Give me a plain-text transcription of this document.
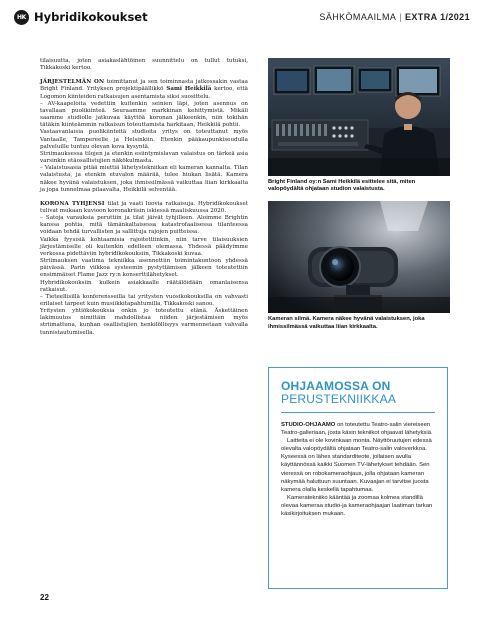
HK Hybridikokoukset	SÄHKÖMAAILMA | EXTRA 1/2021

tilaisuutta, joten asiakaslähtöinen suunnittelu on tullut tutuksi, Tikkakoski kertoo.

JÄRJESTELMÄN ON toimittanut ja sen toiminnasta jatkossakin vastaa Bright Finland. Yrityksen projektipäällikkö Sami Heikkilä kertoo, että Logomon kiinteiden ratkaisujen asentamista siksi suosittelu.

– AV-kaapeloita vedettiin kuitenkin seinien läpi, joten asennus on tavallaan puolikiinteä. Seuraamme markkinan kehittymistä. Mikäli saamme studiolle jatkuvaa käyttöä koronan jälkeenkin, niin tokihän tätäkin kiinteämmin ratkaisun toteuttamista harkitaan, Heikkilä pohtii.

Vastaavanlaisia puolikiinteitä studioita yritys on toteuttanut myös Vantaalle, Tampereelle ja Helsinkiin. Etenkin pääkaupunkiseudulla palveluille tuntuu olevan kova kysyntä.

Striimauksessa tilojen ja etenkin esiintymislavan valaistus on tärkeä asia varsinkin etäosallistujien näkökulmasta.

– Valaistusasia pitää miettiä lähetystekniikan eli kameran kannalta. Tilan valaistusta, ja etenkin etuvalon määrää, tulee hiukan lisätä. Kamera näkee hyvänä valaistuksen, joka ihmissilmässä vaikuttaa liian kirkkaalta ja jopa tunnelmaa pilaavalta, Heikkilä selventää.

KORONA TYHJENSI tilat ja vaati luovia ratkaisuja. Hybridikokoukset tulivat mukaan kuvioon koronakriisin iskiessä maaliskuussa 2020.

– Satoja varauksia peruttiin ja tilat jäivät tyhjilleen. Aloimme Brightin kanssa pohtia, mitä tämänkaltaisessa katastrofaalisessa tilanteessa voidaan tehdä turvallisten ja sallittuja rajojen puitteissa.

Vaikka fyysisiä kohtaamisia rajoitettiinkin, niin tarve tilaisuuksien järjestämiselle oli kuitenkin edelleen olemassa. Yhdessä päädyimme verkossa pidettäviin hybridikokouksiin, Tikkakoski kuvaa.

Striimauksen vaatima tekniikka asennettiin toimintakuntoon yhdessä päivässä. Parin viikkoa systeemin pystyttämisen jälkeen toteutettiin ensimmäiset Flame Jazz ry:n konserttilähetykset.

Hybridikokouksiin kulkein asiakkaalle räätälöidään omanlaisensa ratkaisut.

– Tieteellisillä konferensseilla tai yritysten vuosikokouksilla on vahvasti erilaiset tarpeet kuin musiikkitapahtumilla, Tikkakoski sanoo.

Yritysten yhtiökokouksia onkin jo toteutettu etänä. Äskettäinen lakimuutos nimittäin mahdollistaa niiden järjestämisen myös striimattuna, kunhan osallistujien henkilöllisyys varmennetaan vahvalla tunnistautumisella.

Bright Finland oy:n Sami Heikkilä esittelee sitä, miten valopöydältä ohjataan studion valaistusta.
Kameran silmä. Kamera näkee hyvänä valaistuksen, joka ihmissilmässä vaikuttaa liian kirkkaalta.
OHJAAMOSSA ON
PERUSTEKNIIKKAA

STUDIO-OHJAAMO on toteutettu Teatro-salin viereiseen Teatro-galleriaan, josta käsin tekniikot ohjaavat lähetyksiä.

Laitteita ei ole kovinkaan monta. Näyttöruutujen edessä olevalta valopöydältä ohjataan Teatro-salin valoverkkoa. Kyseessä on lähes standarditeote, jollaisen avulla käyttännössä kaikki Suomen TV-lähetykset tehdään. Sen vieressä on robokameraohjaus, jolla ohjataan kameran näkymää haluttuun suuntaan. Kuvaajan ei tarvitse juosta kamera olalla keskellä tapahtumaa.

Kameratekniiko kääntää ja zoomaa kolmea standillä olevaa kameraa studio-ja kameraohjaajan laatiman tarkan käsikirjoituksen mukaan.

22
